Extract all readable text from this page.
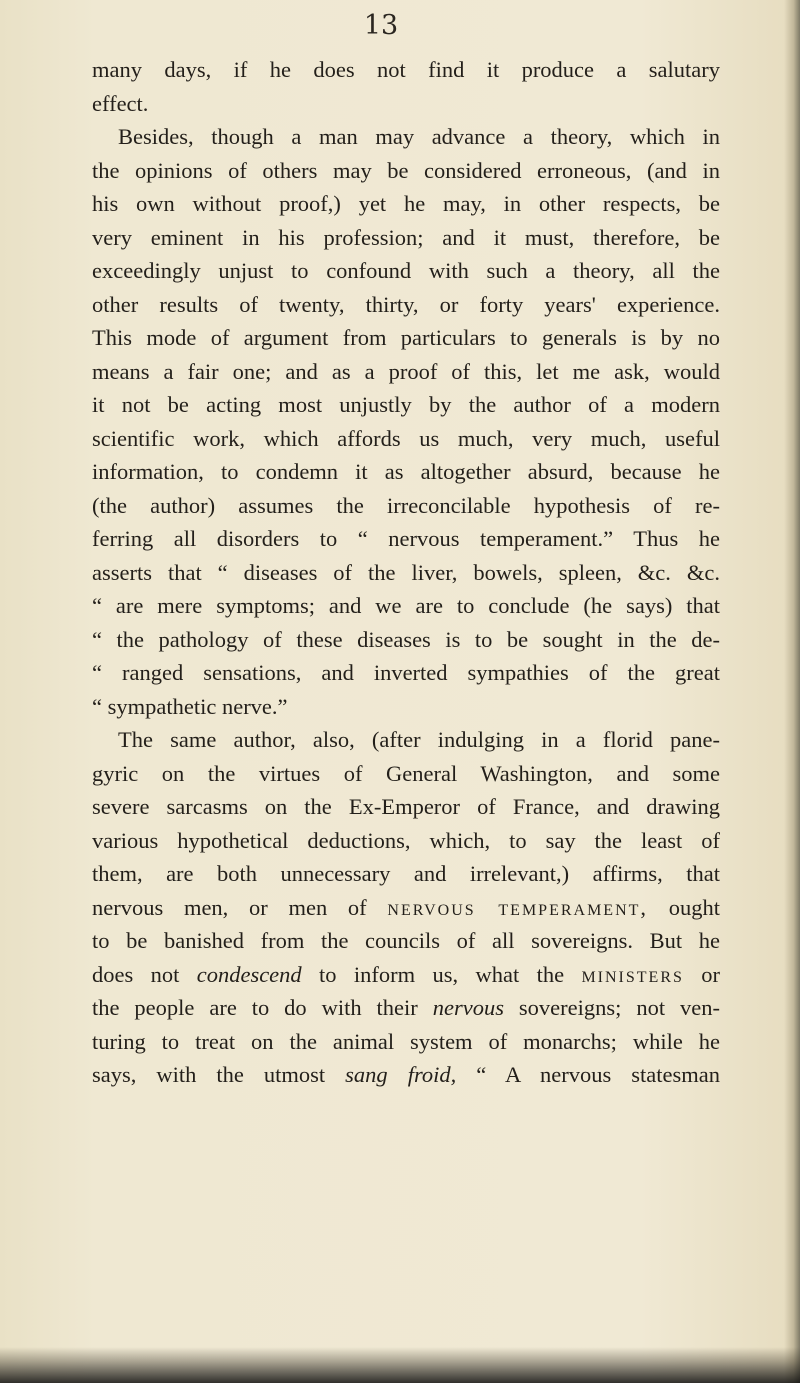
13
many days, if he does not find it produce a salutary
effect.
Besides, though a man may advance a theory, which in
the opinions of others may be considered erroneous, (and in
his own without proof,) yet he may, in other respects, be
very eminent in his profession; and it must, therefore, be
exceedingly unjust to confound with such a theory, all the
other results of twenty, thirty, or forty years' experience.
This mode of argument from particulars to generals is by no
means a fair one; and as a proof of this, let me ask, would
it not be acting most unjustly by the author of a modern
scientific work, which affords us much, very much, useful
information, to condemn it as altogether absurd, because he
(the author) assumes the irreconcilable hypothesis of re-
ferring all disorders to “ nervous temperament.” Thus he
asserts that “ diseases of the liver, bowels, spleen, &c. &c.
“ are mere symptoms; and we are to conclude (he says) that
“ the pathology of these diseases is to be sought in the de-
“ ranged sensations, and inverted sympathies of the great
“ sympathetic nerve.”
The same author, also, (after indulging in a florid pane-
gyric on the virtues of General Washington, and some
severe sarcasms on the Ex-Emperor of France, and drawing
various hypothetical deductions, which, to say the least of
them, are both unnecessary and irrelevant,) affirms, that
nervous men, or men of nervous temperament, ought
to be banished from the councils of all sovereigns. But he
does not condescend to inform us, what the ministers or
the people are to do with their nervous sovereigns; not ven-
turing to treat on the animal system of monarchs; while he
says, with the utmost sang froid, “ A nervous statesman
